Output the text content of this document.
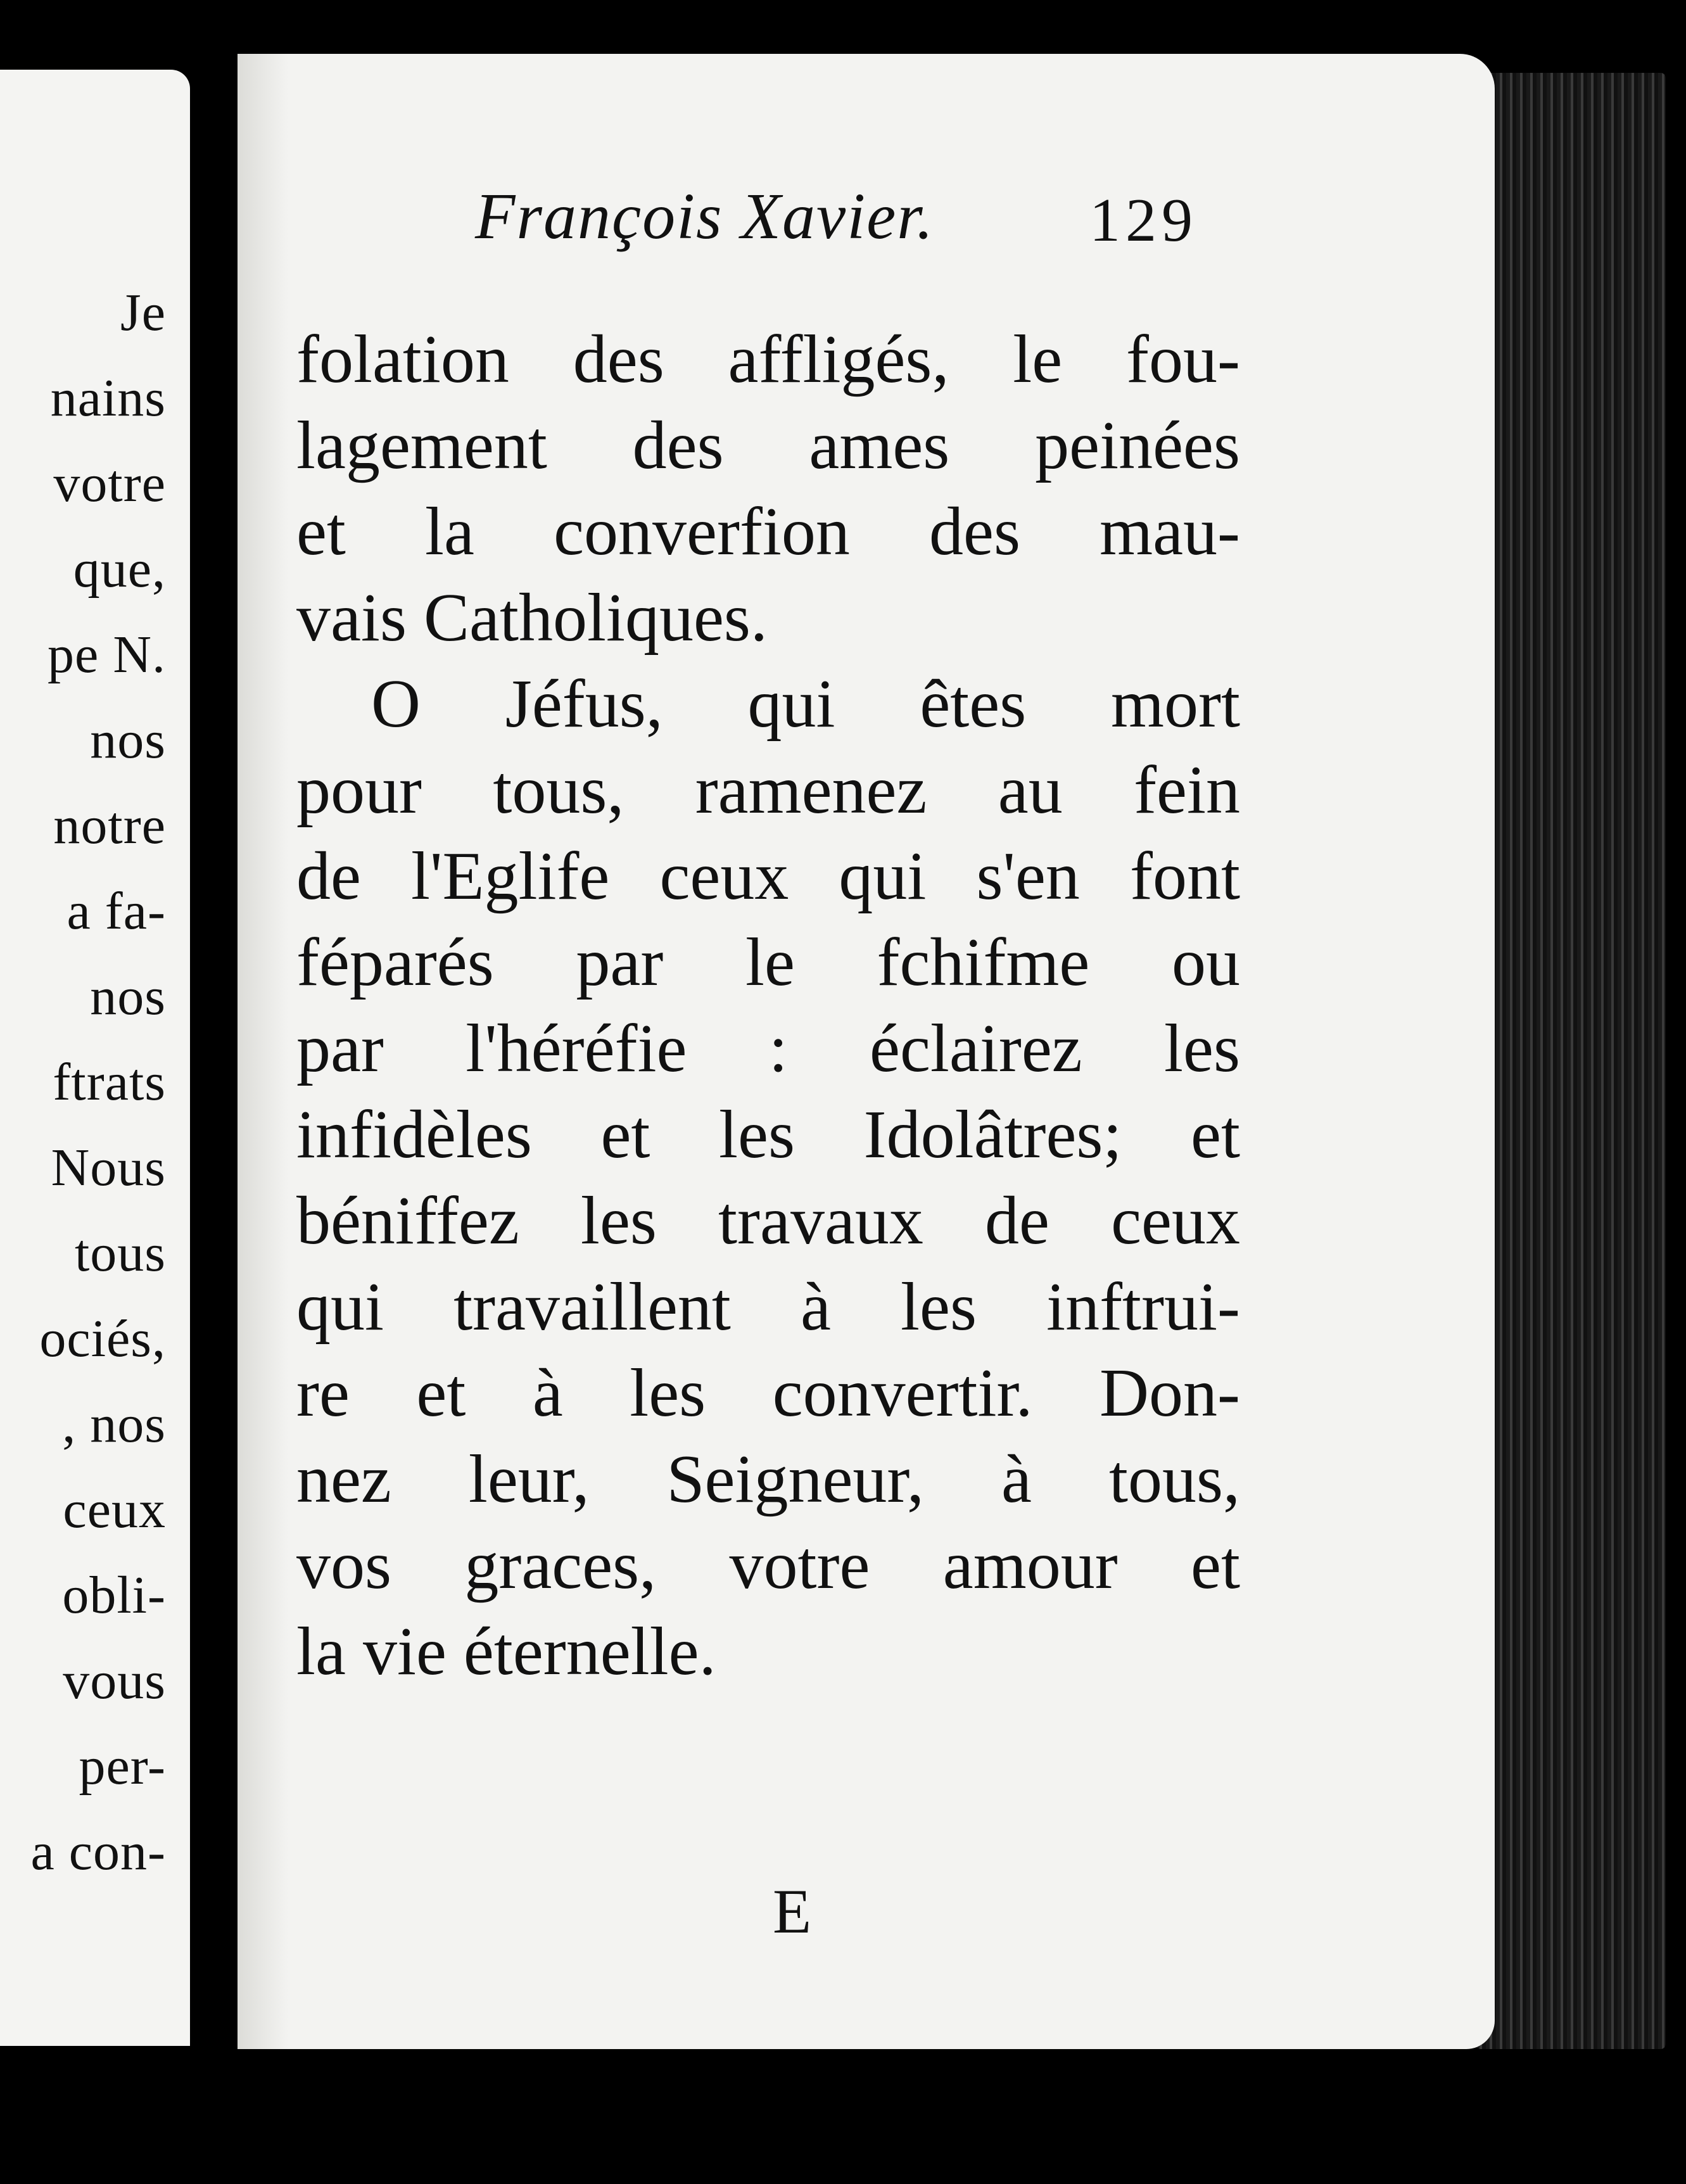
Je
nains
votre
que,
pe N.
nos
notre
a fa-
nos
ftrats
Nous
tous
ociés,
, nos
ceux
obli-
vous
per-
a con-
François Xavier. 129
folation des affligés, le fou-
lagement des ames peinées
et la converfion des mau-
vais Catholiques.
O Jéfus, qui êtes mort
pour tous, ramenez au fein
de l'Eglife ceux qui s'en font
féparés par le fchifme ou
par l'héréfie : éclairez les
infidèles et les Idolâtres; et
béniffez les travaux de ceux
qui travaillent à les inftrui-
re et à les convertir. Don-
nez leur, Seigneur, à tous,
vos graces, votre amour et
la vie éternelle.
E
